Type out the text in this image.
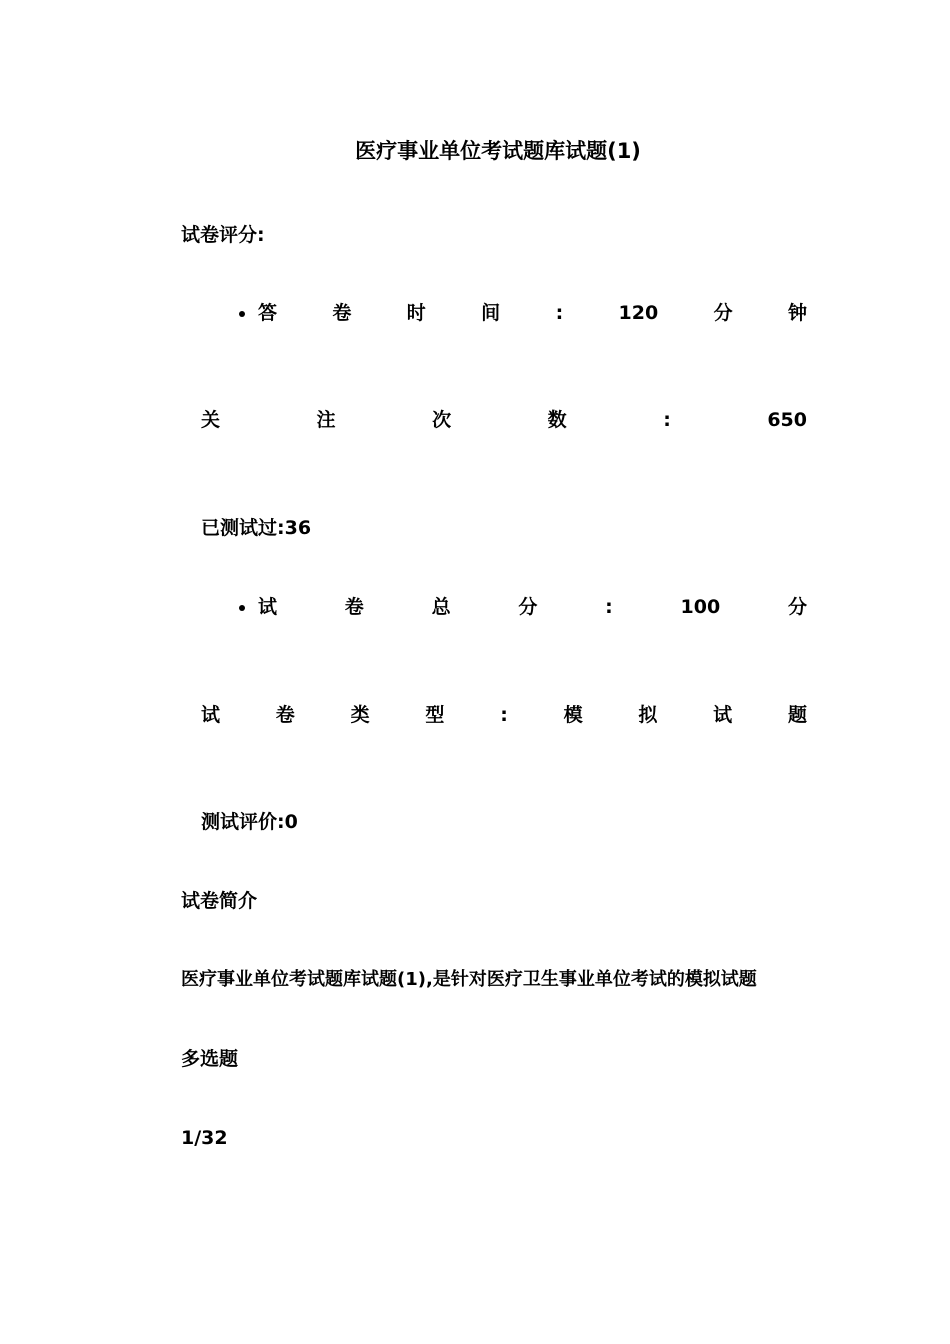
医疗事业单位考试题库试题(1)
试卷评分:
答	卷	时	间	:	120	分	钟
关	注	次	数	:	650
已测试过:36
试	卷	总	分	:	100	分
试	卷	类	型	:	模	拟	试	题
测试评价:0
试卷简介
医疗事业单位考试题库试题(1),是针对医疗卫生事业单位考试的模拟试题
多选题
1/32
